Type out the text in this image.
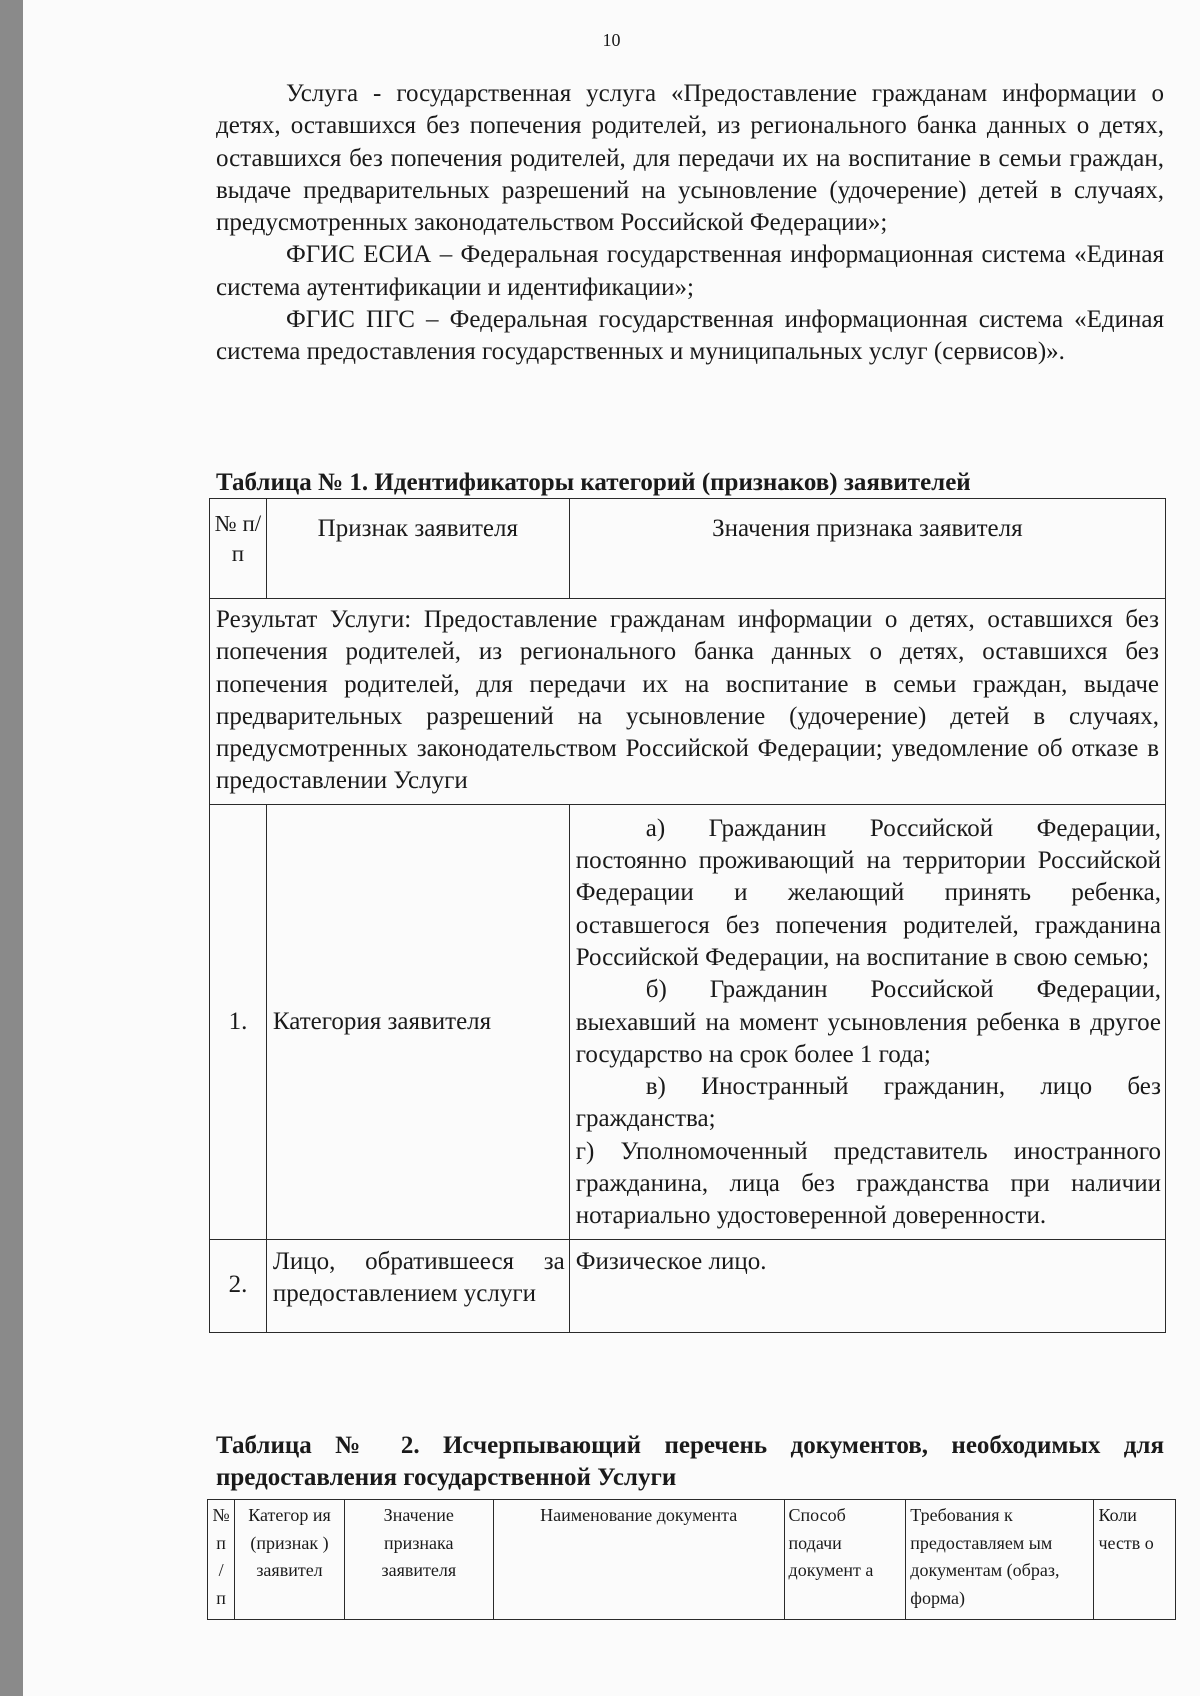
10

Услуга - государственная услуга «Предоставление гражданам информации о детях, оставшихся без попечения родителей, из регионального банка данных о детях, оставшихся без попечения родителей, для передачи их на воспитание в семьи граждан, выдаче предварительных разрешений на усыновление (удочерение) детей в случаях, предусмотренных законодательством Российской Федерации»;

ФГИС ЕСИА – Федеральная государственная информационная система «Единая система аутентификации и идентификации»;

ФГИС ПГС – Федеральная государственная информационная система «Единая система предоставления государственных и муниципальных услуг (сервисов)».

Таблица № 1. Идентификаторы категорий (признаков) заявителей
№ п/п	Признак заявителя	Значения признака заявителя
Результат Услуги: Предоставление гражданам информации о детях, оставшихся без попечения родителей, из регионального банка данных о детях, оставшихся без попечения родителей, для передачи их на воспитание в семьи граждан, выдаче предварительных разрешений на усыновление (удочерение) детей в случаях, предусмотренных законодательством Российской Федерации; уведомление об отказе в предоставлении Услуги		
1.	Категория заявителя	а) Гражданин Российской Федерации, постоянно проживающий на территории Российской Федерации и желающий принять ребенка, оставшегося без попечения родителей, гражданина Российской Федерации, на воспитание в свою семью;

б) Гражданин Российской Федерации, выехавший на момент усыновления ребенка в другое государство на срок более 1 года;

в) Иностранный гражданин, лицо без гражданства;

г) Уполномоченный представитель иностранного гражданина, лица без гражданства при наличии нотариально удостоверенной доверенности.

2.	Лицо, обратившееся за предоставлением услуги	Физическое лицо.
Таблица № 2. Исчерпывающий перечень документов, необходимых для предоставления государственной Услуги
№ п / п	Категор ия (признак ) заявител	Значение признака заявителя	Наименование документа	Способ подачи документ а	Требования к предоставляем ым документам (образ, форма)	Коли честв о
